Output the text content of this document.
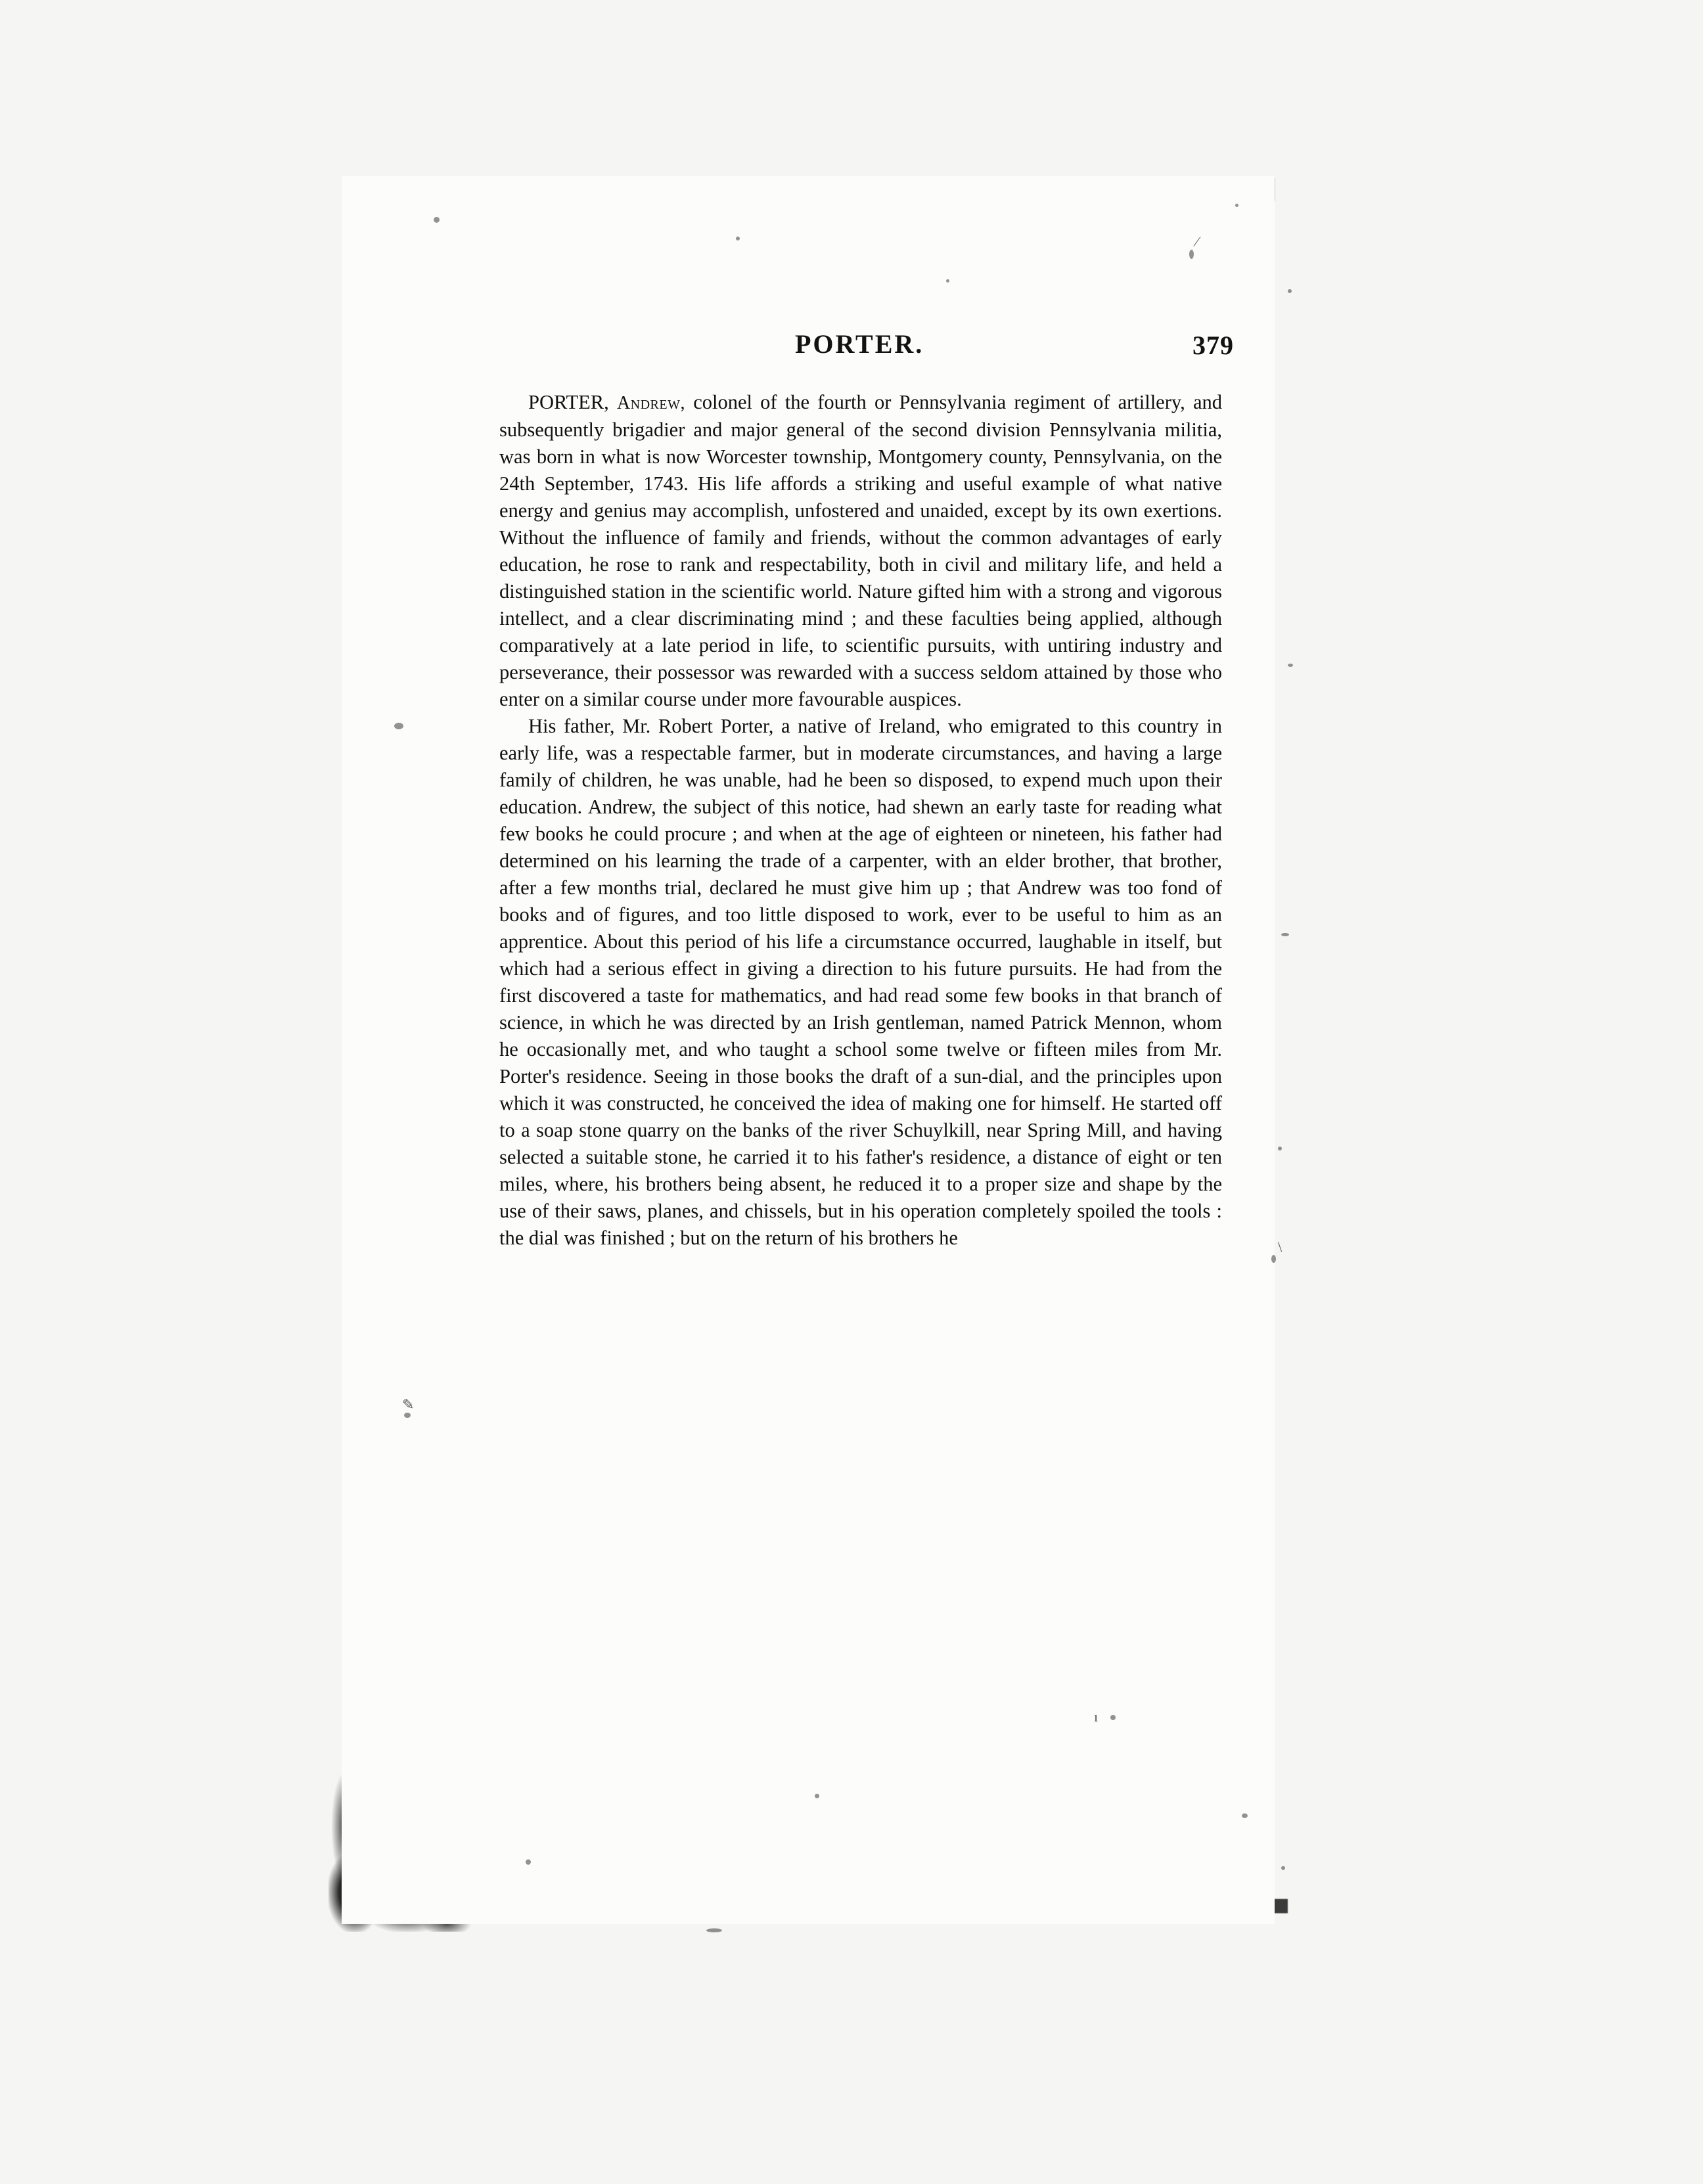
⁄
\
ı
✎
PORTER.	379

PORTER, Andrew, colonel of the fourth or Pennsylvania regiment of artillery, and subsequently brigadier and major general of the second division Pennsylvania militia, was born in what is now Worcester township, Montgomery county, Pennsylvania, on the 24th September, 1743. His life affords a striking and useful example of what native energy and genius may accomplish, unfostered and unaided, except by its own exertions. Without the influence of family and friends, without the common advantages of early education, he rose to rank and respectability, both in civil and military life, and held a distinguished station in the scientific world. Nature gifted him with a strong and vigorous intellect, and a clear discriminating mind ; and these faculties being applied, although comparatively at a late period in life, to scientific pursuits, with untiring industry and perseverance, their possessor was rewarded with a success seldom attained by those who enter on a similar course under more favourable auspices.

His father, Mr. Robert Porter, a native of Ireland, who emigrated to this country in early life, was a respectable farmer, but in moderate circumstances, and having a large family of children, he was unable, had he been so disposed, to expend much upon their education. Andrew, the subject of this notice, had shewn an early taste for reading what few books he could procure ; and when at the age of eighteen or nineteen, his father had determined on his learning the trade of a carpenter, with an elder brother, that brother, after a few months trial, declared he must give him up ; that Andrew was too fond of books and of figures, and too little disposed to work, ever to be useful to him as an apprentice. About this period of his life a circumstance occurred, laughable in itself, but which had a serious effect in giving a direction to his future pursuits. He had from the first discovered a taste for mathematics, and had read some few books in that branch of science, in which he was directed by an Irish gentleman, named Patrick Mennon, whom he occasionally met, and who taught a school some twelve or fifteen miles from Mr. Porter's residence. Seeing in those books the draft of a sun-dial, and the principles upon which it was constructed, he conceived the idea of making one for himself. He started off to a soap stone quarry on the banks of the river Schuylkill, near Spring Mill, and having selected a suitable stone, he carried it to his father's residence, a distance of eight or ten miles, where, his brothers being absent, he reduced it to a proper size and shape by the use of their saws, planes, and chissels, but in his operation completely spoiled the tools : the dial was finished ; but on the return of his brothers he
